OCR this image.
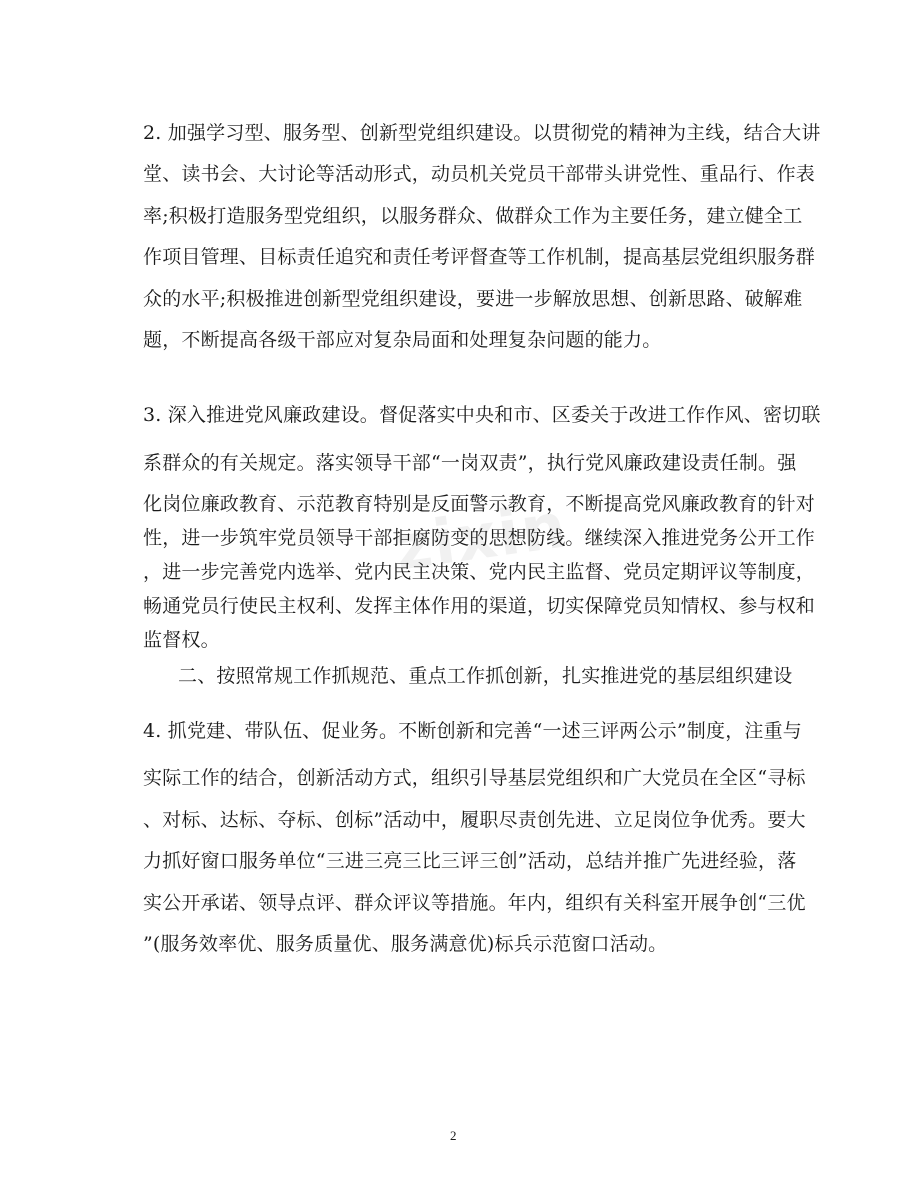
zixin
2. 加强学习型、服务型、创新型党组织建设。以贯彻党的精神为主线，结合大讲
堂、读书会、大讨论等活动形式，动员机关党员干部带头讲党性、重品行、作表
率;积极打造服务型党组织，以服务群众、做群众工作为主要任务，建立健全工
作项目管理、目标责任追究和责任考评督查等工作机制，提高基层党组织服务群
众的水平;积极推进创新型党组织建设，要进一步解放思想、创新思路、破解难
题，不断提高各级干部应对复杂局面和处理复杂问题的能力。
3. 深入推进党风廉政建设。督促落实中央和市、区委关于改进工作作风、密切联
系群众的有关规定。落实领导干部“一岗双责”，执行党风廉政建设责任制。强
化岗位廉政教育、示范教育特别是反面警示教育，不断提高党风廉政教育的针对
性，进一步筑牢党员领导干部拒腐防变的思想防线。继续深入推进党务公开工作
，进一步完善党内选举、党内民主决策、党内民主监督、党员定期评议等制度，
畅通党员行使民主权利、发挥主体作用的渠道，切实保障党员知情权、参与权和
监督权。
二、按照常规工作抓规范、重点工作抓创新，扎实推进党的基层组织建设
4. 抓党建、带队伍、促业务。不断创新和完善“一述三评两公示”制度，注重与
实际工作的结合，创新活动方式，组织引导基层党组织和广大党员在全区“寻标
、对标、达标、夺标、创标”活动中，履职尽责创先进、立足岗位争优秀。要大
力抓好窗口服务单位“三进三亮三比三评三创”活动，总结并推广先进经验，落
实公开承诺、领导点评、群众评议等措施。年内，组织有关科室开展争创“三优
”(服务效率优、服务质量优、服务满意优)标兵示范窗口活动。
2
